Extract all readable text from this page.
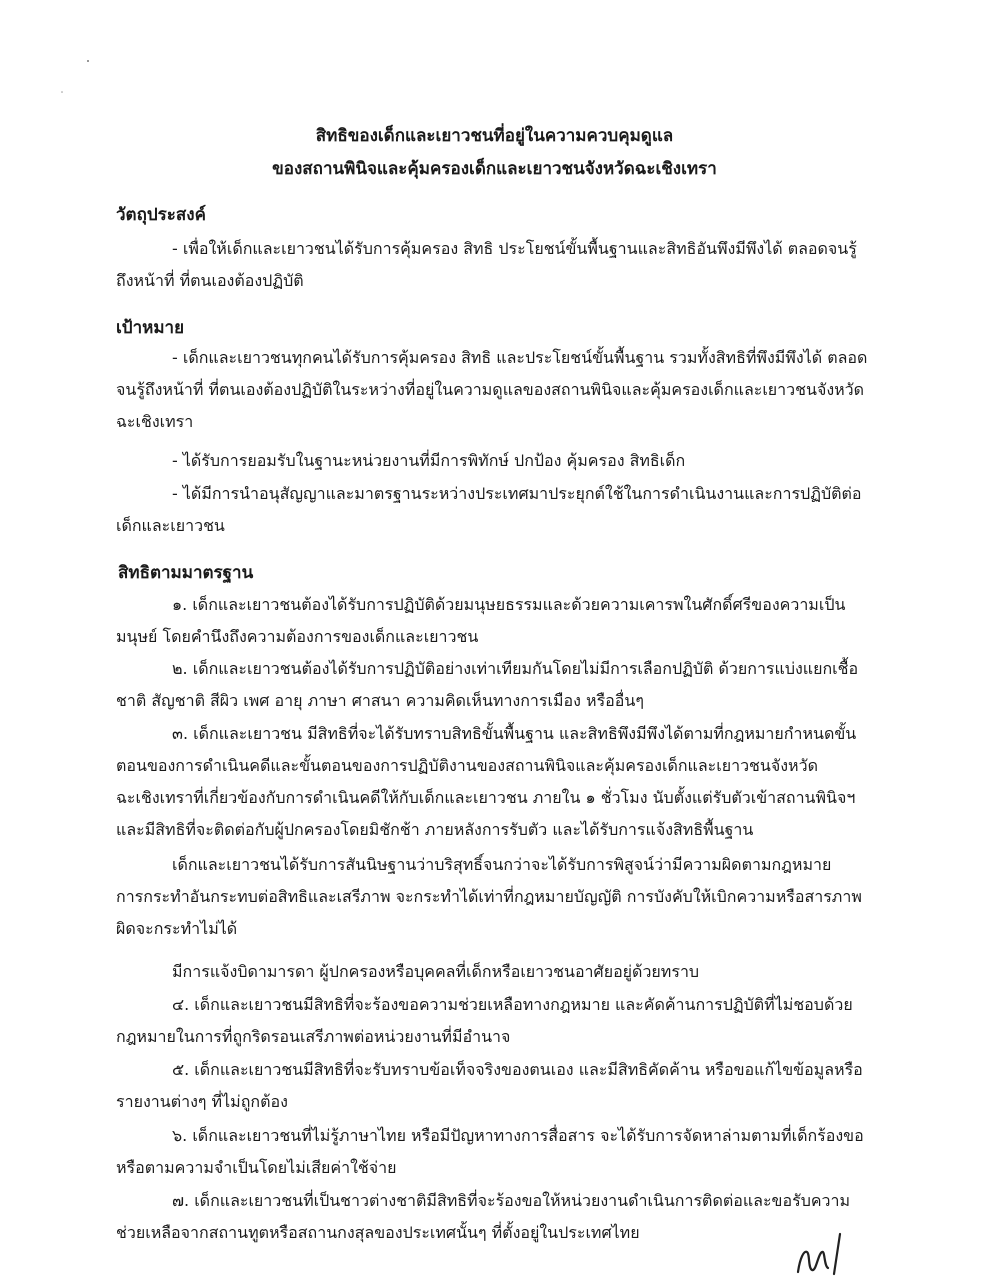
สิทธิของเด็กและเยาวชนที่อยู่ในความควบคุมดูแล
ของสถานพินิจและคุ้มครองเด็กและเยาวชนจังหวัดฉะเชิงเทรา
วัตถุประสงค์

- เพื่อให้เด็กและเยาวชนได้รับการคุ้มครอง สิทธิ ประโยชน์ขั้นพื้นฐานและสิทธิอันพึงมีพึงได้ ตลอดจนรู้ถึงหน้าที่ ที่ตนเองต้องปฏิบัติ

เป้าหมาย

- เด็กและเยาวชนทุกคนได้รับการคุ้มครอง สิทธิ และประโยชน์ขั้นพื้นฐาน รวมทั้งสิทธิที่พึงมีพึงได้ ตลอดจนรู้ถึงหน้าที่ ที่ตนเองต้องปฏิบัติในระหว่างที่อยู่ในความดูแลของสถานพินิจและคุ้มครองเด็กและเยาวชนจังหวัดฉะเชิงเทรา

- ได้รับการยอมรับในฐานะหน่วยงานที่มีการพิทักษ์ ปกป้อง คุ้มครอง สิทธิเด็ก

- ได้มีการนำอนุสัญญาและมาตรฐานระหว่างประเทศมาประยุกต์ใช้ในการดำเนินงานและการปฏิบัติต่อเด็กและเยาวชน

สิทธิตามมาตรฐาน

๑. เด็กและเยาวชนต้องได้รับการปฏิบัติด้วยมนุษยธรรมและด้วยความเคารพในศักดิ์ศรีของความเป็นมนุษย์ โดยคำนึงถึงความต้องการของเด็กและเยาวชน

๒. เด็กและเยาวชนต้องได้รับการปฏิบัติอย่างเท่าเทียมกันโดยไม่มีการเลือกปฏิบัติ ด้วยการแบ่งแยกเชื้อชาติ สัญชาติ สีผิว เพศ อายุ ภาษา ศาสนา ความคิดเห็นทางการเมือง หรืออื่นๆ

๓. เด็กและเยาวชน มีสิทธิที่จะได้รับทราบสิทธิขั้นพื้นฐาน และสิทธิพึงมีพึงได้ตามที่กฎหมายกำหนดขั้นตอนของการดำเนินคดีและขั้นตอนของการปฏิบัติงานของสถานพินิจและคุ้มครองเด็กและเยาวชนจังหวัดฉะเชิงเทราที่เกี่ยวข้องกับการดำเนินคดีให้กับเด็กและเยาวชน ภายใน ๑ ชั่วโมง นับตั้งแต่รับตัวเข้าสถานพินิจฯ และมีสิทธิที่จะติดต่อกับผู้ปกครองโดยมิชักช้า ภายหลังการรับตัว และได้รับการแจ้งสิทธิพื้นฐาน

เด็กและเยาวชนได้รับการสันนิษฐานว่าบริสุทธิ์จนกว่าจะได้รับการพิสูจน์ว่ามีความผิดตามกฎหมาย การกระทำอันกระทบต่อสิทธิและเสรีภาพ จะกระทำได้เท่าที่กฎหมายบัญญัติ การบังคับให้เบิกความหรือสารภาพผิดจะกระทำไม่ได้

มีการแจ้งบิดามารดา ผู้ปกครองหรือบุคคลที่เด็กหรือเยาวชนอาศัยอยู่ด้วยทราบ

๔. เด็กและเยาวชนมีสิทธิที่จะร้องขอความช่วยเหลือทางกฎหมาย และคัดค้านการปฏิบัติที่ไม่ชอบด้วยกฎหมายในการที่ถูกริดรอนเสรีภาพต่อหน่วยงานที่มีอำนาจ

๕. เด็กและเยาวชนมีสิทธิที่จะรับทราบข้อเท็จจริงของตนเอง และมีสิทธิคัดค้าน หรือขอแก้ไขข้อมูลหรือรายงานต่างๆ ที่ไม่ถูกต้อง

๖. เด็กและเยาวชนที่ไม่รู้ภาษาไทย หรือมีปัญหาทางการสื่อสาร จะได้รับการจัดหาล่ามตามที่เด็กร้องขอหรือตามความจำเป็นโดยไม่เสียค่าใช้จ่าย

๗. เด็กและเยาวชนที่เป็นชาวต่างชาติมีสิทธิที่จะร้องขอให้หน่วยงานดำเนินการติดต่อและขอรับความช่วยเหลือจากสถานทูตหรือสถานกงสุลของประเทศนั้นๆ ที่ตั้งอยู่ในประเทศไทย
